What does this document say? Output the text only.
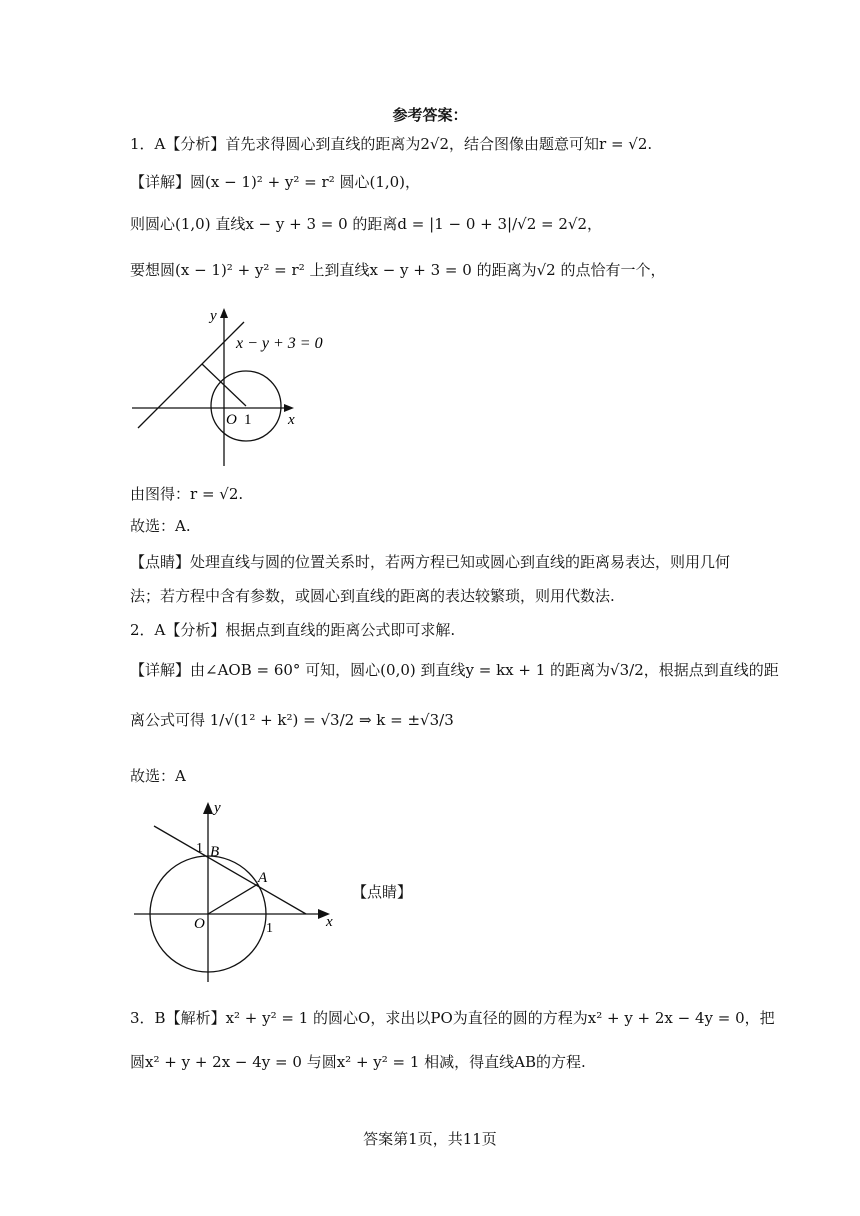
参考答案：
1．A【分析】首先求得圆心到直线的距离为2√2，结合图像由题意可知r = √2.
【详解】圆(x − 1)² + y² = r² 圆心(1,0)，
则圆心(1,0) 直线x − y + 3 = 0 的距离d = |1 − 0 + 3|/√2 = 2√2，
要想圆(x − 1)² + y² = r² 上到直线x − y + 3 = 0 的距离为√2 的点恰有一个，
x − y + 3 = 0
O 1 x
y
由图得：r = √2.
故选：A.
【点睛】处理直线与圆的位置关系时，若两方程已知或圆心到直线的距离易表达，则用几何
法；若方程中含有参数，或圆心到直线的距离的表达较繁琐，则用代数法.
2．A【分析】根据点到直线的距离公式即可求解.
【详解】由∠AOB = 60° 可知，圆心(0,0) 到直线y = kx + 1 的距离为√3/2，根据点到直线的距
离公式可得 1/√(1² + k²) = √3/2 ⇒ k = ±√3/3
故选：A
B
A
O
1
1	x
y
【点睛】
3．B【解析】x² + y² = 1 的圆心O，求出以PO为直径的圆的方程为x² + y + 2x − 4y = 0，把
圆x² + y + 2x − 4y = 0 与圆x² + y² = 1 相减，得直线AB的方程.
答案第1页，共11页
